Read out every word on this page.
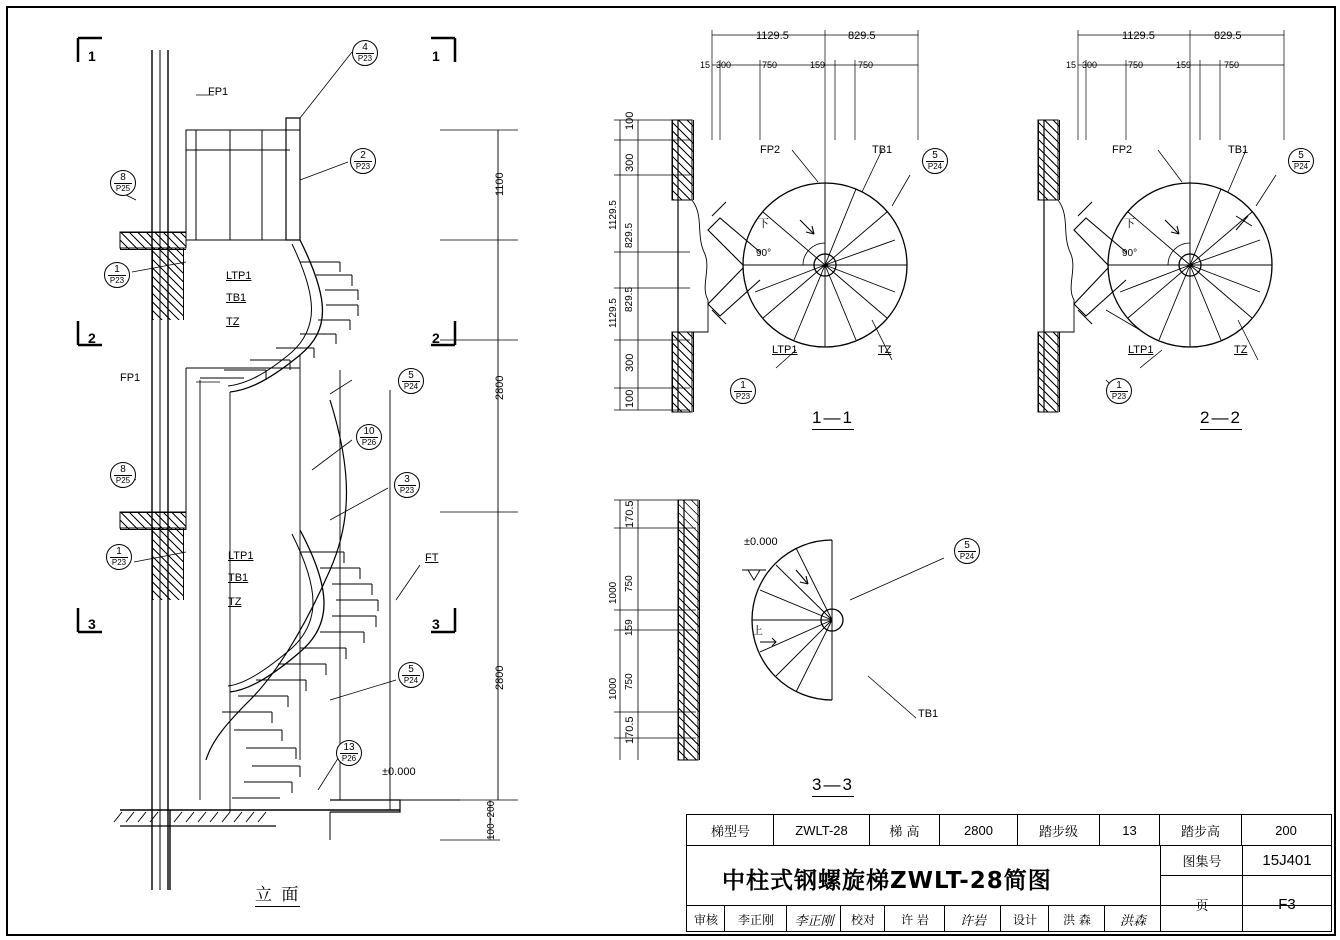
FP1
LTP1
TB1
TZ
FP1
LTP1
TB1
TZ
FT
±0.000
1	1
2	2
3	3
1100
2800
2800
100~200
4
P23
2
P23
8
P25
1
P23
5
P24
10
P26
3
P23
8
P25
1
P23
5
P24
13
P26
立 面
1129.5	829.5
15 300	750	159	750
100
300
1129.5
829.5
829.5
1129.5
300
100
FP2	TB1
LTP1	TZ
下
90°
5
P24
1
P23
1—1
1129.5	829.5
15 300	750	159	750
FP2	TB1
LTP1	TZ
下
90°
5
P24
1
P23
2—2
170.5
1000 750
159
1000 750
170.5
±0.000
上
TB1
5
P24
3—3
梯型号	ZWLT-28	梯 高	2800	踏步级	13	踏步高	200
中柱式钢螺旋梯ZWLT-28简图
图集号	15J401
页	F3
审核	李正刚	李正刚	校对	许 岩	许岩	设计	洪 森	洪森
